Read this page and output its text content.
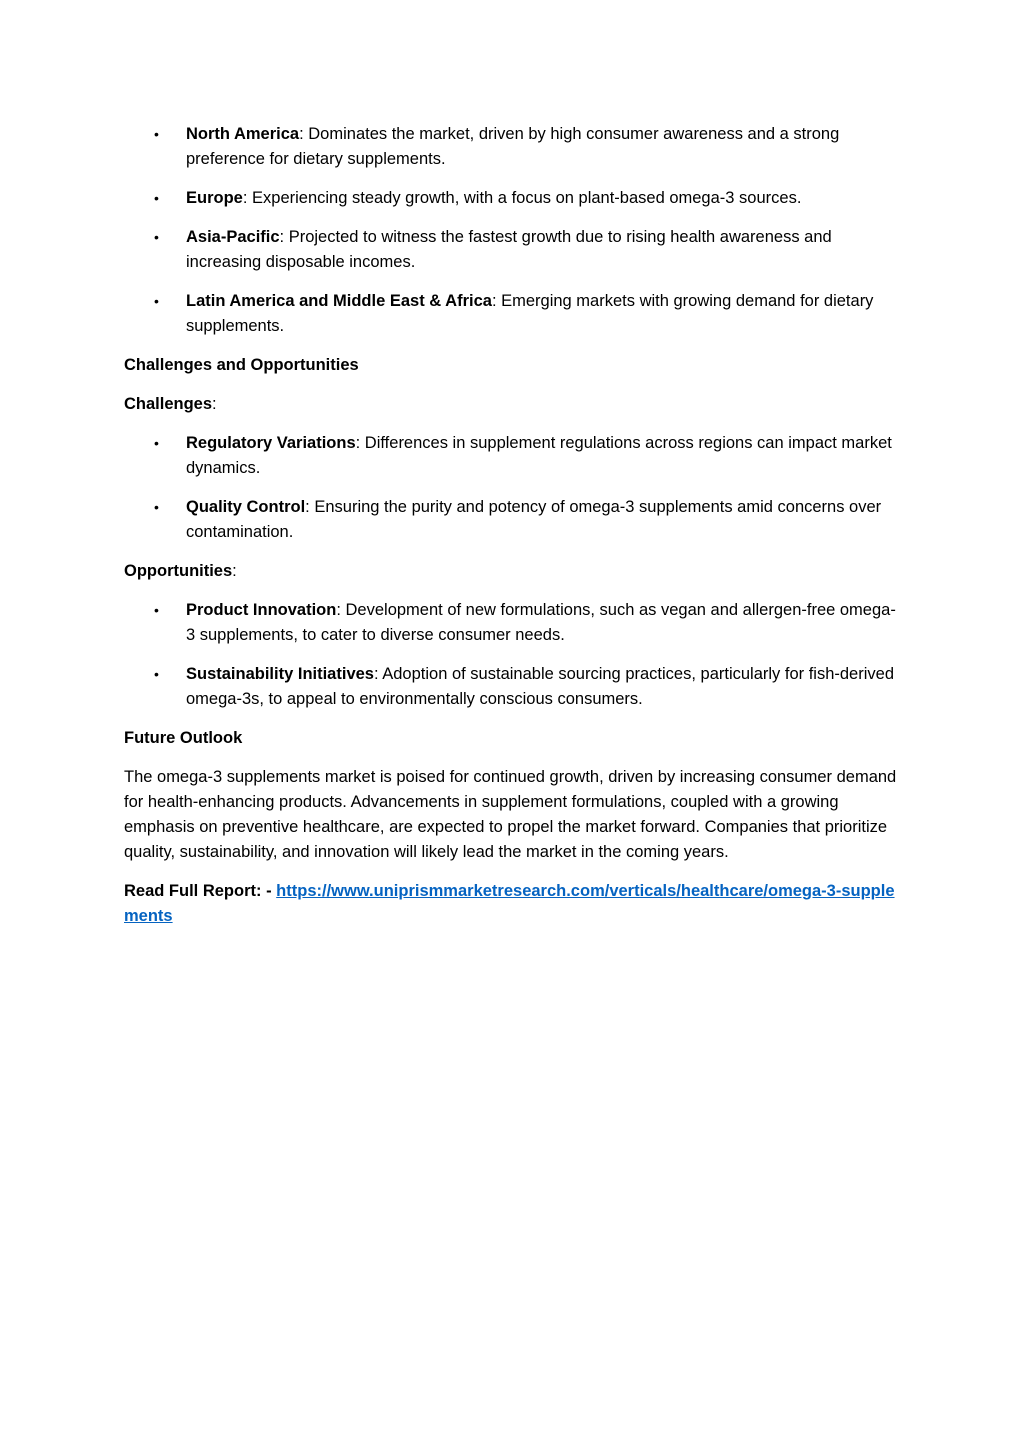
• North America: Dominates the market, driven by high consumer awareness and a strong preference for dietary supplements.
• Europe: Experiencing steady growth, with a focus on plant-based omega-3 sources.
• Asia-Pacific: Projected to witness the fastest growth due to rising health awareness and increasing disposable incomes.
• Latin America and Middle East & Africa: Emerging markets with growing demand for dietary supplements.
Challenges and Opportunities
Challenges:
• Regulatory Variations: Differences in supplement regulations across regions can impact market dynamics.
• Quality Control: Ensuring the purity and potency of omega-3 supplements amid concerns over contamination.
Opportunities:
• Product Innovation: Development of new formulations, such as vegan and allergen-free omega-3 supplements, to cater to diverse consumer needs.
• Sustainability Initiatives: Adoption of sustainable sourcing practices, particularly for fish-derived omega-3s, to appeal to environmentally conscious consumers.
Future Outlook

The omega-3 supplements market is poised for continued growth, driven by increasing consumer demand for health-enhancing products. Advancements in supplement formulations, coupled with a growing emphasis on preventive healthcare, are expected to propel the market forward. Companies that prioritize quality, sustainability, and innovation will likely lead the market in the coming years.

Read Full Report: - https://www.uniprismmarketresearch.com/verticals/healthcare/omega-3-supplements
